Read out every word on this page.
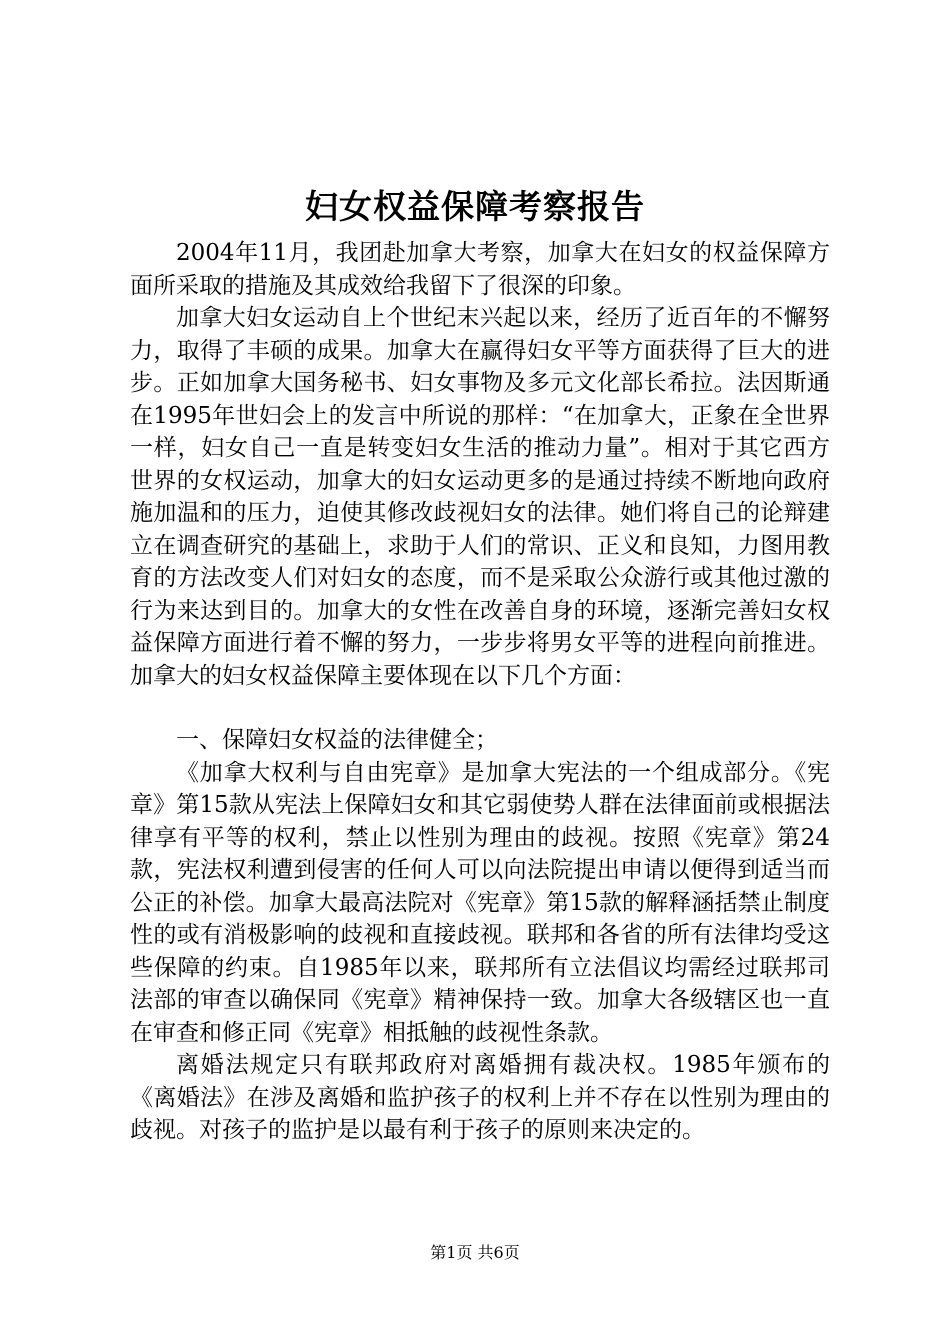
妇女权益保障考察报告

2004年11月，我团赴加拿大考察，加拿大在妇女的权益保障方面所采取的措施及其成效给我留下了很深的印象。

加拿大妇女运动自上个世纪末兴起以来，经历了近百年的不懈努力，取得了丰硕的成果。加拿大在赢得妇女平等方面获得了巨大的进步。正如加拿大国务秘书、妇女事物及多元文化部长希拉。法因斯通在1995年世妇会上的发言中所说的那样：“在加拿大，正象在全世界一样，妇女自己一直是转变妇女生活的推动力量”。相对于其它西方世界的女权运动，加拿大的妇女运动更多的是通过持续不断地向政府施加温和的压力，迫使其修改歧视妇女的法律。她们将自己的论辩建立在调查研究的基础上，求助于人们的常识、正义和良知，力图用教育的方法改变人们对妇女的态度，而不是采取公众游行或其他过激的行为来达到目的。加拿大的女性在改善自身的环境，逐渐完善妇女权益保障方面进行着不懈的努力，一步步将男女平等的进程向前推进。加拿大的妇女权益保障主要体现在以下几个方面：

一、保障妇女权益的法律健全；

《加拿大权利与自由宪章》是加拿大宪法的一个组成部分。《宪章》第15款从宪法上保障妇女和其它弱使势人群在法律面前或根据法律享有平等的权利，禁止以性别为理由的歧视。按照《宪章》第24款，宪法权利遭到侵害的任何人可以向法院提出申请以便得到适当而公正的补偿。加拿大最高法院对《宪章》第15款的解释涵括禁止制度性的或有消极影响的歧视和直接歧视。联邦和各省的所有法律均受这些保障的约束。自1985年以来，联邦所有立法倡议均需经过联邦司法部的审查以确保同《宪章》精神保持一致。加拿大各级辖区也一直在审查和修正同《宪章》相抵触的歧视性条款。

离婚法规定只有联邦政府对离婚拥有裁决权。1985年颁布的《离婚法》在涉及离婚和监护孩子的权利上并不存在以性别为理由的歧视。对孩子的监护是以最有利于孩子的原则来决定的。

第1页 共6页
